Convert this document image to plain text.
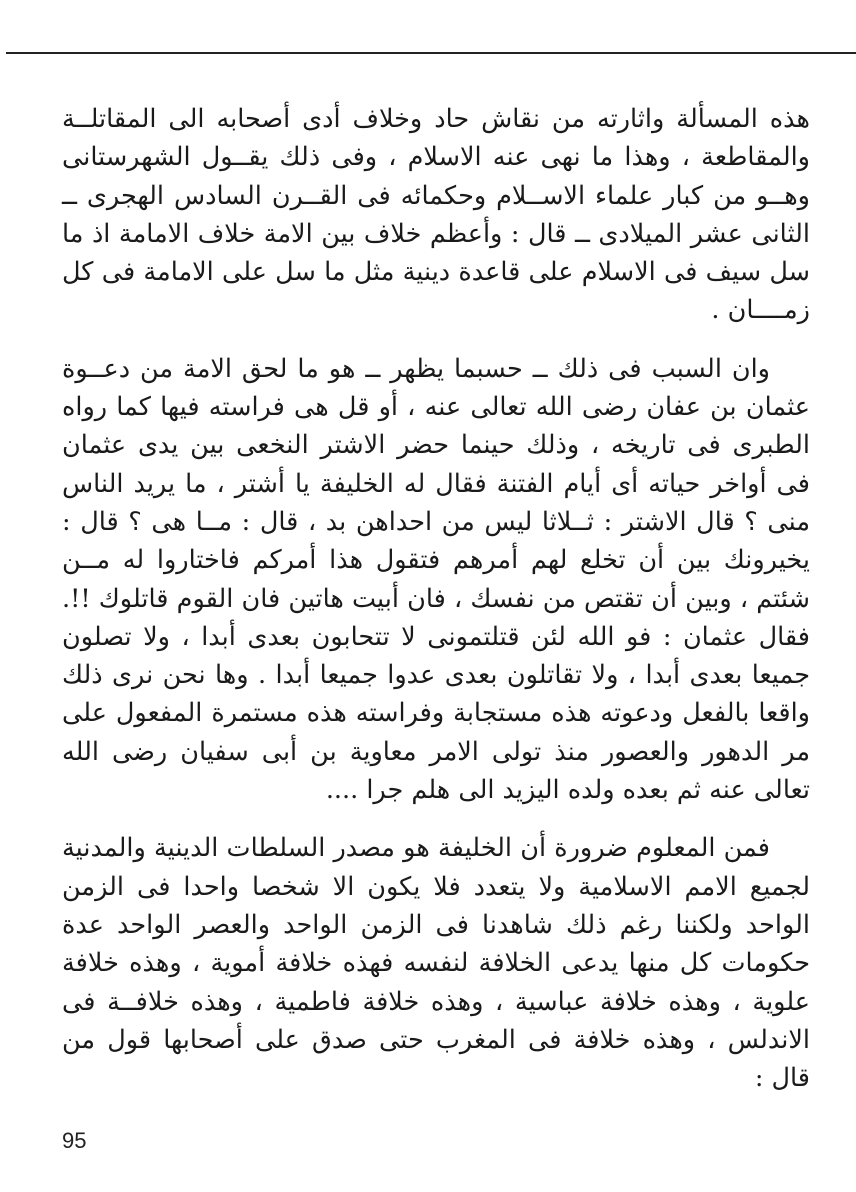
هذه المسألة واثارته من نقاش حاد وخلاف أدى أصحابه الى المقاتلــة والمقاطعة ، وهذا ما نهى عنه الاسلام ، وفى ذلك يقــول الشهرستانى وهــو من كبار علماء الاســلام وحكمائه فى القــرن السادس الهجرى ــ الثانى عشر الميلادى ــ قال : وأعظم خلاف بين الامة خلاف الامامة اذ ما سل سيف فى الاسلام على قاعدة دينية مثل ما سل على الامامة فى كل زمــــان .

وان السبب فى ذلك ــ حسبما يظهر ــ هو ما لحق الامة من دعــوة عثمان بن عفان رضى الله تعالى عنه ، أو قل هى فراسته فيها كما رواه الطبرى فى تاريخه ، وذلك حينما حضر الاشتر النخعى بين يدى عثمان فى أواخر حياته أى أيام الفتنة فقال له الخليفة يا أشتر ، ما يريد الناس منى ؟ قال الاشتر : ثــلاثا ليس من احداهن بد ، قال : مــا هى ؟ قال : يخيرونك بين أن تخلع لهم أمرهم فتقول هذا أمركم فاختاروا له مــن شئتم ، وبين أن تقتص من نفسك ، فان أبيت هاتين فان القوم قاتلوك !!. فقال عثمان : فو الله لئن قتلتمونى لا تتحابون بعدى أبدا ، ولا تصلون جميعا بعدى أبدا ، ولا تقاتلون بعدى عدوا جميعا أبدا . وها نحن نرى ذلك واقعا بالفعل ودعوته هذه مستجابة وفراسته هذه مستمرة المفعول على مر الدهور والعصور منذ تولى الامر معاوية بن أبى سفيان رضى الله تعالى عنه ثم بعده ولده اليزيد الى هلم جرا ....

فمن المعلوم ضرورة أن الخليفة هو مصدر السلطات الدينية والمدنية لجميع الامم الاسلامية ولا يتعدد فلا يكون الا شخصا واحدا فى الزمن الواحد ولكننا رغم ذلك شاهدنا فى الزمن الواحد والعصر الواحد عدة حكومات كل منها يدعى الخلافة لنفسه فهذه خلافة أموية ، وهذه خلافة علوية ، وهذه خلافة عباسية ، وهذه خلافة فاطمية ، وهذه خلافــة فى الاندلس ، وهذه خلافة فى المغرب حتى صدق على أصحابها قول من قال :

95
